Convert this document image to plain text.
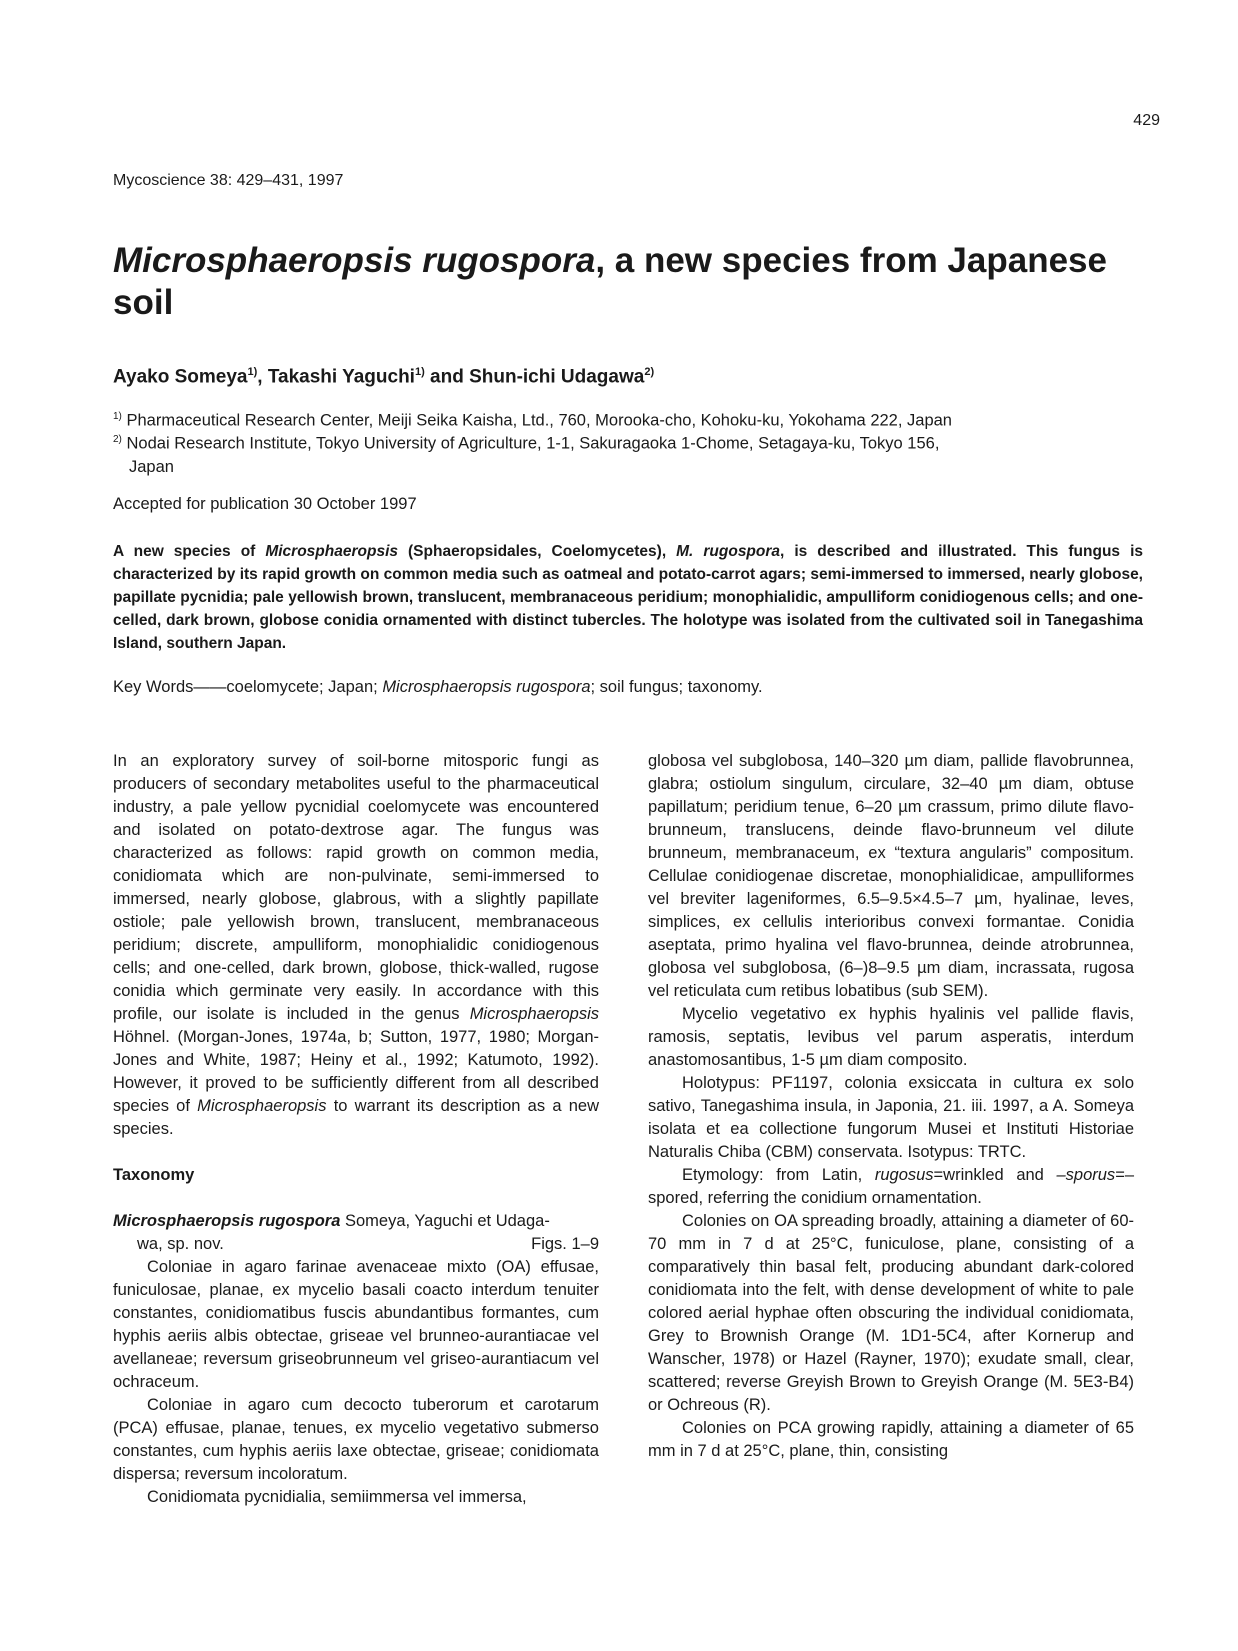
429
Mycoscience 38: 429–431, 1997
Microsphaeropsis rugospora, a new species from Japanese soil
Ayako Someya$^{1)}$, Takashi Yaguchi$^{1)}$ and Shun-ichi Udagawa$^{2)}$
$^{1)}$ Pharmaceutical Research Center, Meiji Seika Kaisha, Ltd., 760, Morooka-cho, Kohoku-ku, Yokohama 222, Japan
$^{2)}$ Nodai Research Institute, Tokyo University of Agriculture, 1-1, Sakuragaoka 1-Chome, Setagaya-ku, Tokyo 156,
Japan
Accepted for publication 30 October 1997
A new species of Microsphaeropsis (Sphaeropsidales, Coelomycetes), M. rugospora, is described and illustrated. This fungus is characterized by its rapid growth on common media such as oatmeal and potato-carrot agars; semi-immersed to immersed, nearly globose, papillate pycnidia; pale yellowish brown, translucent, membranaceous peridium; monophialidic, ampulliform conidiogenous cells; and one-celled, dark brown, globose conidia ornamented with distinct tubercles. The holotype was isolated from the cultivated soil in Tanegashima Island, southern Japan.
Key Words——coelomycete; Japan; Microsphaeropsis rugospora; soil fungus; taxonomy.

In an exploratory survey of soil-borne mitosporic fungi as producers of secondary metabolites useful to the pharmaceutical industry, a pale yellow pycnidial coelomycete was encountered and isolated on potato-dextrose agar. The fungus was characterized as follows: rapid growth on common media, conidiomata which are non-pulvinate, semi-immersed to immersed, nearly globose, glabrous, with a slightly papillate ostiole; pale yellowish brown, translucent, membranaceous peridium; discrete, ampulliform, monophialidic conidiogenous cells; and one-celled, dark brown, globose, thick-walled, rugose conidia which germinate very easily. In accordance with this profile, our isolate is included in the genus Microsphaeropsis Höhnel. (Morgan-Jones, 1974a, b; Sutton, 1977, 1980; Morgan-Jones and White, 1987; Heiny et al., 1992; Katumoto, 1992). However, it proved to be sufficiently different from all described species of Microsphaeropsis to warrant its description as a new species.

Taxonomy

Microsphaeropsis rugospora Someya, Yaguchi et Udaga-

wa, sp. nov.	Figs. 1–9

Coloniae in agaro farinae avenaceae mixto (OA) effusae, funiculosae, planae, ex mycelio basali coacto interdum tenuiter constantes, conidiomatibus fuscis abundantibus formantes, cum hyphis aeriis albis obtectae, griseae vel brunneo-aurantiacae vel avellaneae; reversum griseobrunneum vel griseo-aurantiacum vel ochraceum.

Coloniae in agaro cum decocto tuberorum et carotarum (PCA) effusae, planae, tenues, ex mycelio vegetativo submerso constantes, cum hyphis aeriis laxe obtectae, griseae; conidiomata dispersa; reversum incoloratum.

Conidiomata pycnidialia, semiimmersa vel immersa,

globosa vel subglobosa, 140–320 µm diam, pallide flavobrunnea, glabra; ostiolum singulum, circulare, 32–40 µm diam, obtuse papillatum; peridium tenue, 6–20 µm crassum, primo dilute flavo-brunneum, translucens, deinde flavo-brunneum vel dilute brunneum, membranaceum, ex “textura angularis” compositum. Cellulae conidiogenae discretae, monophialidicae, ampulliformes vel breviter lageniformes, 6.5–9.5×4.5–7 µm, hyalinae, leves, simplices, ex cellulis interioribus convexi formantae. Conidia aseptata, primo hyalina vel flavo-brunnea, deinde atrobrunnea, globosa vel subglobosa, (6–)8–9.5 µm diam, incrassata, rugosa vel reticulata cum retibus lobatibus (sub SEM).

Mycelio vegetativo ex hyphis hyalinis vel pallide flavis, ramosis, septatis, levibus vel parum asperatis, interdum anastomosantibus, 1-5 µm diam composito.

Holotypus: PF1197, colonia exsiccata in cultura ex solo sativo, Tanegashima insula, in Japonia, 21. iii. 1997, a A. Someya isolata et ea collectione fungorum Musei et Instituti Historiae Naturalis Chiba (CBM) conservata. Isotypus: TRTC.

Etymology: from Latin, rugosus=wrinkled and –sporus=–spored, referring the conidium ornamentation.

Colonies on OA spreading broadly, attaining a diameter of 60-70 mm in 7 d at 25°C, funiculose, plane, consisting of a comparatively thin basal felt, producing abundant dark-colored conidiomata into the felt, with dense development of white to pale colored aerial hyphae often obscuring the individual conidiomata, Grey to Brownish Orange (M. 1D1-5C4, after Kornerup and Wanscher, 1978) or Hazel (Rayner, 1970); exudate small, clear, scattered; reverse Greyish Brown to Greyish Orange (M. 5E3-B4) or Ochreous (R).

Colonies on PCA growing rapidly, attaining a diameter of 65 mm in 7 d at 25°C, plane, thin, consisting
